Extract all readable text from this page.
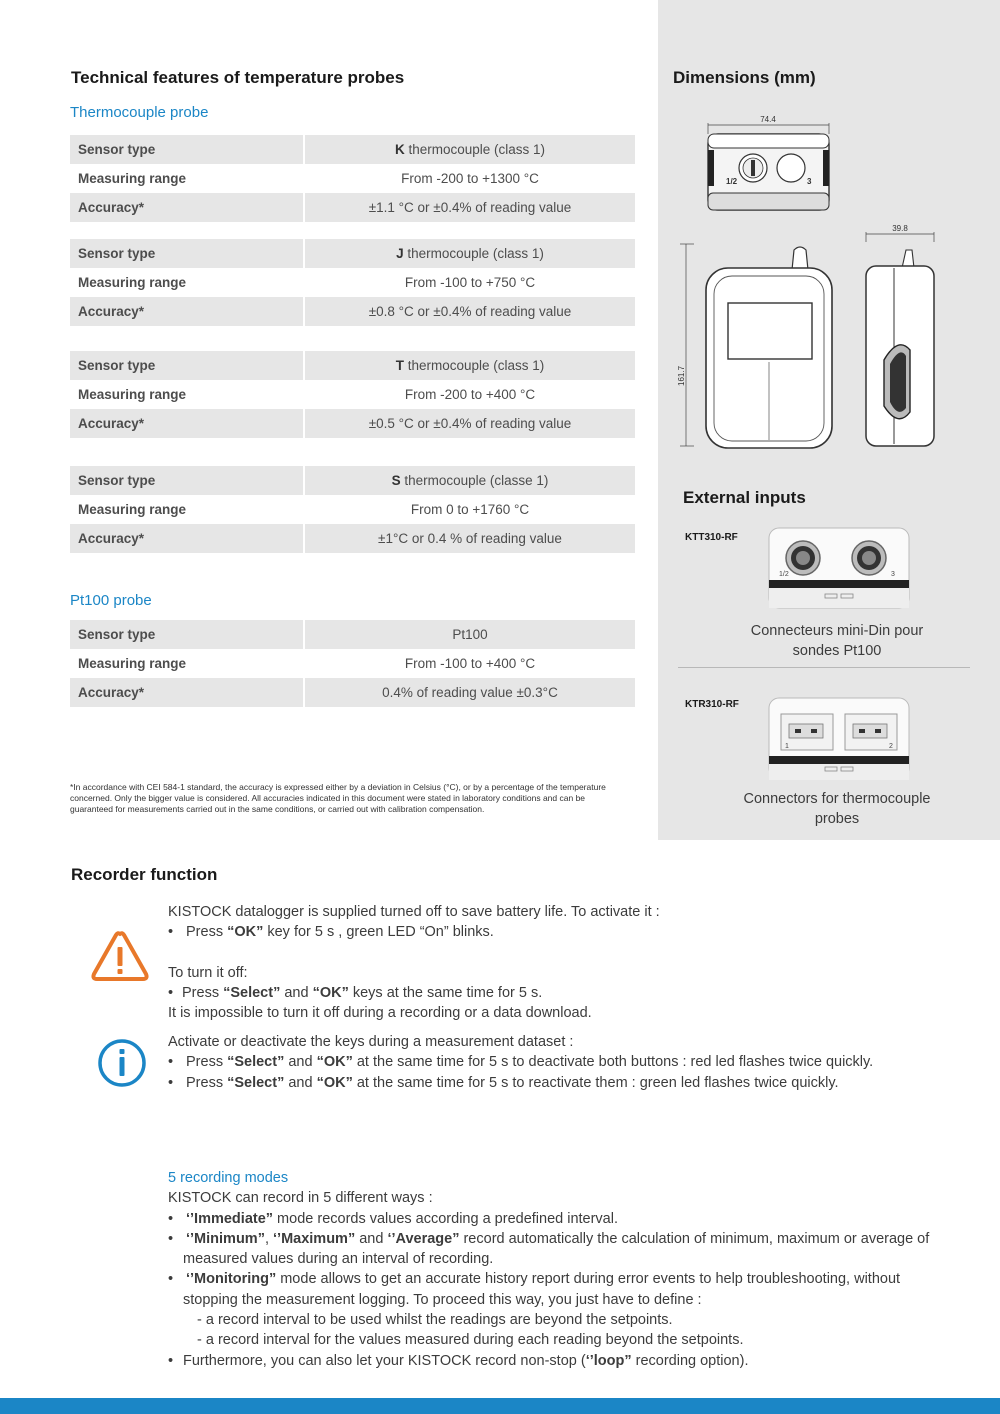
Technical features of temperature probes
Thermocouple probe
Sensor type	K thermocouple (class 1)
Measuring range	From -200 to +1300 °C
Accuracy*	±1.1 °C or ±0.4% of reading value
Sensor type	J thermocouple (class 1)
Measuring range	From -100 to +750 °C
Accuracy*	±0.8 °C or ±0.4% of reading value
Sensor type	T thermocouple (class 1)
Measuring range	From -200 to +400 °C
Accuracy*	±0.5 °C or ±0.4% of reading value
Sensor type	S thermocouple (classe 1)
Measuring range	From 0 to +1760 °C
Accuracy*	±1°C or 0.4 % of reading value
Pt100 probe
Sensor type	Pt100
Measuring range	From -100 to +400 °C
Accuracy*	0.4% of reading value ±0.3°C
*In accordance with CEI 584-1 standard, the accuracy is expressed either by a deviation in Celsius (°C), or by a percentage of the temperature concerned. Only the bigger value is considered. All accuracies indicated in this document were stated in laboratory conditions and can be guaranteed for measurements carried out in the same conditions, or carried out with calibration compensation.
Dimensions (mm)
74.4
1/2	3
161.7
39.8
External inputs
KTT310-RF
1/2	3
Connecteurs mini-Din pour
sondes Pt100
KTR310-RF
1	2
Connectors for thermocouple
probes
Recorder function
KISTOCK datalogger is supplied turned off to save battery life. To activate it :
• Press “OK” key for 5 s , green LED “On” blinks.

To turn it off:
• Press “Select” and “OK” keys at the same time for 5 s.
It is impossible to turn it off during a recording or a data download.
Activate or deactivate the keys during a measurement dataset :
• Press “Select” and “OK” at the same time for 5 s to deactivate both buttons : red led flashes twice quickly.
• Press “Select” and “OK” at the same time for 5 s to reactivate them : green led flashes twice quickly.
5 recording modes
KISTOCK can record in 5 different ways :
• ‘’Immediate” mode records values according a predefined interval.
• ‘’Minimum”, ‘’Maximum” and ‘’Average” record automatically the calculation of minimum, maximum or average of
measured values during an interval of recording.
• ‘’Monitoring” mode allows to get an accurate history report during error events to help troubleshooting, without
stopping the measurement logging. To proceed this way, you just have to define :
- a record interval to be used whilst the readings are beyond the setpoints.
- a record interval for the values measured during each reading beyond the setpoints.
• Furthermore, you can also let your KISTOCK record non-stop (‘’loop” recording option).
